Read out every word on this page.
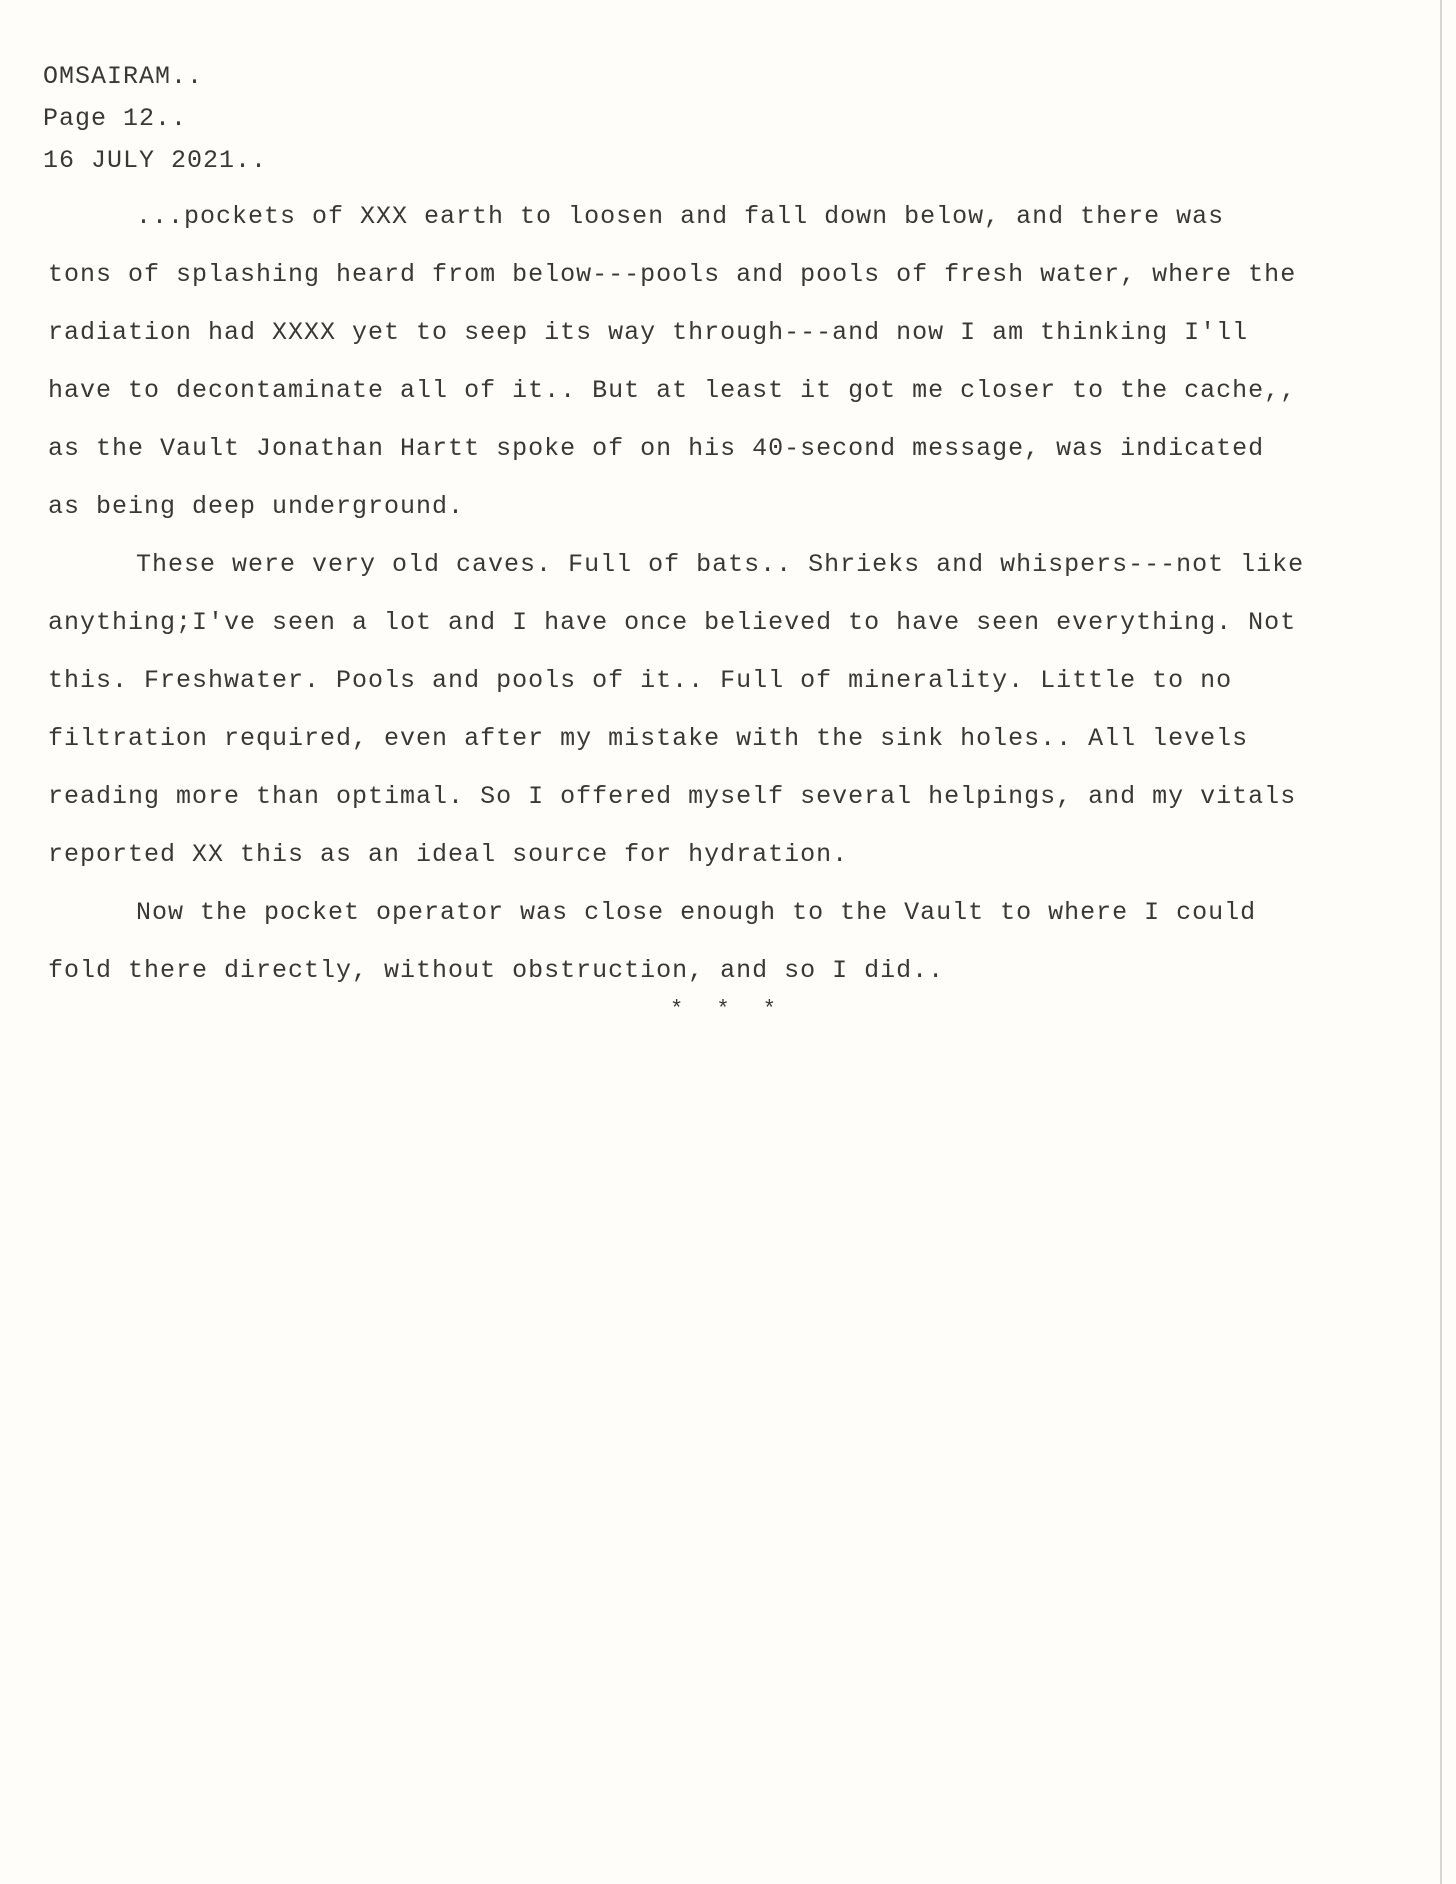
OMSAIRAM..
Page 12..
16 JULY 2021..
...pockets of XXX earth to loosen and fall down below, and there was
tons of splashing heard from below---pools and pools of fresh water, where the
radiation had XXXX yet to seep its way through---and now I am thinking I'll
have to decontaminate all of it.. But at least it got me closer to the cache,,
as the Vault Jonathan Hartt spoke of on his 40-second message, was indicated
as being deep underground.
These were very old caves. Full of bats.. Shrieks and whispers---not like
anything;I've seen a lot and I have once believed to have seen everything. Not
this. Freshwater. Pools and pools of it.. Full of minerality. Little to no
filtration required, even after my mistake with the sink holes.. All levels
reading more than optimal. So I offered myself several helpings, and my vitals
reported XX this as an ideal source for hydration.
Now the pocket operator was close enough to the Vault to where I could
fold there directly, without obstruction, and so I did..
* * *
